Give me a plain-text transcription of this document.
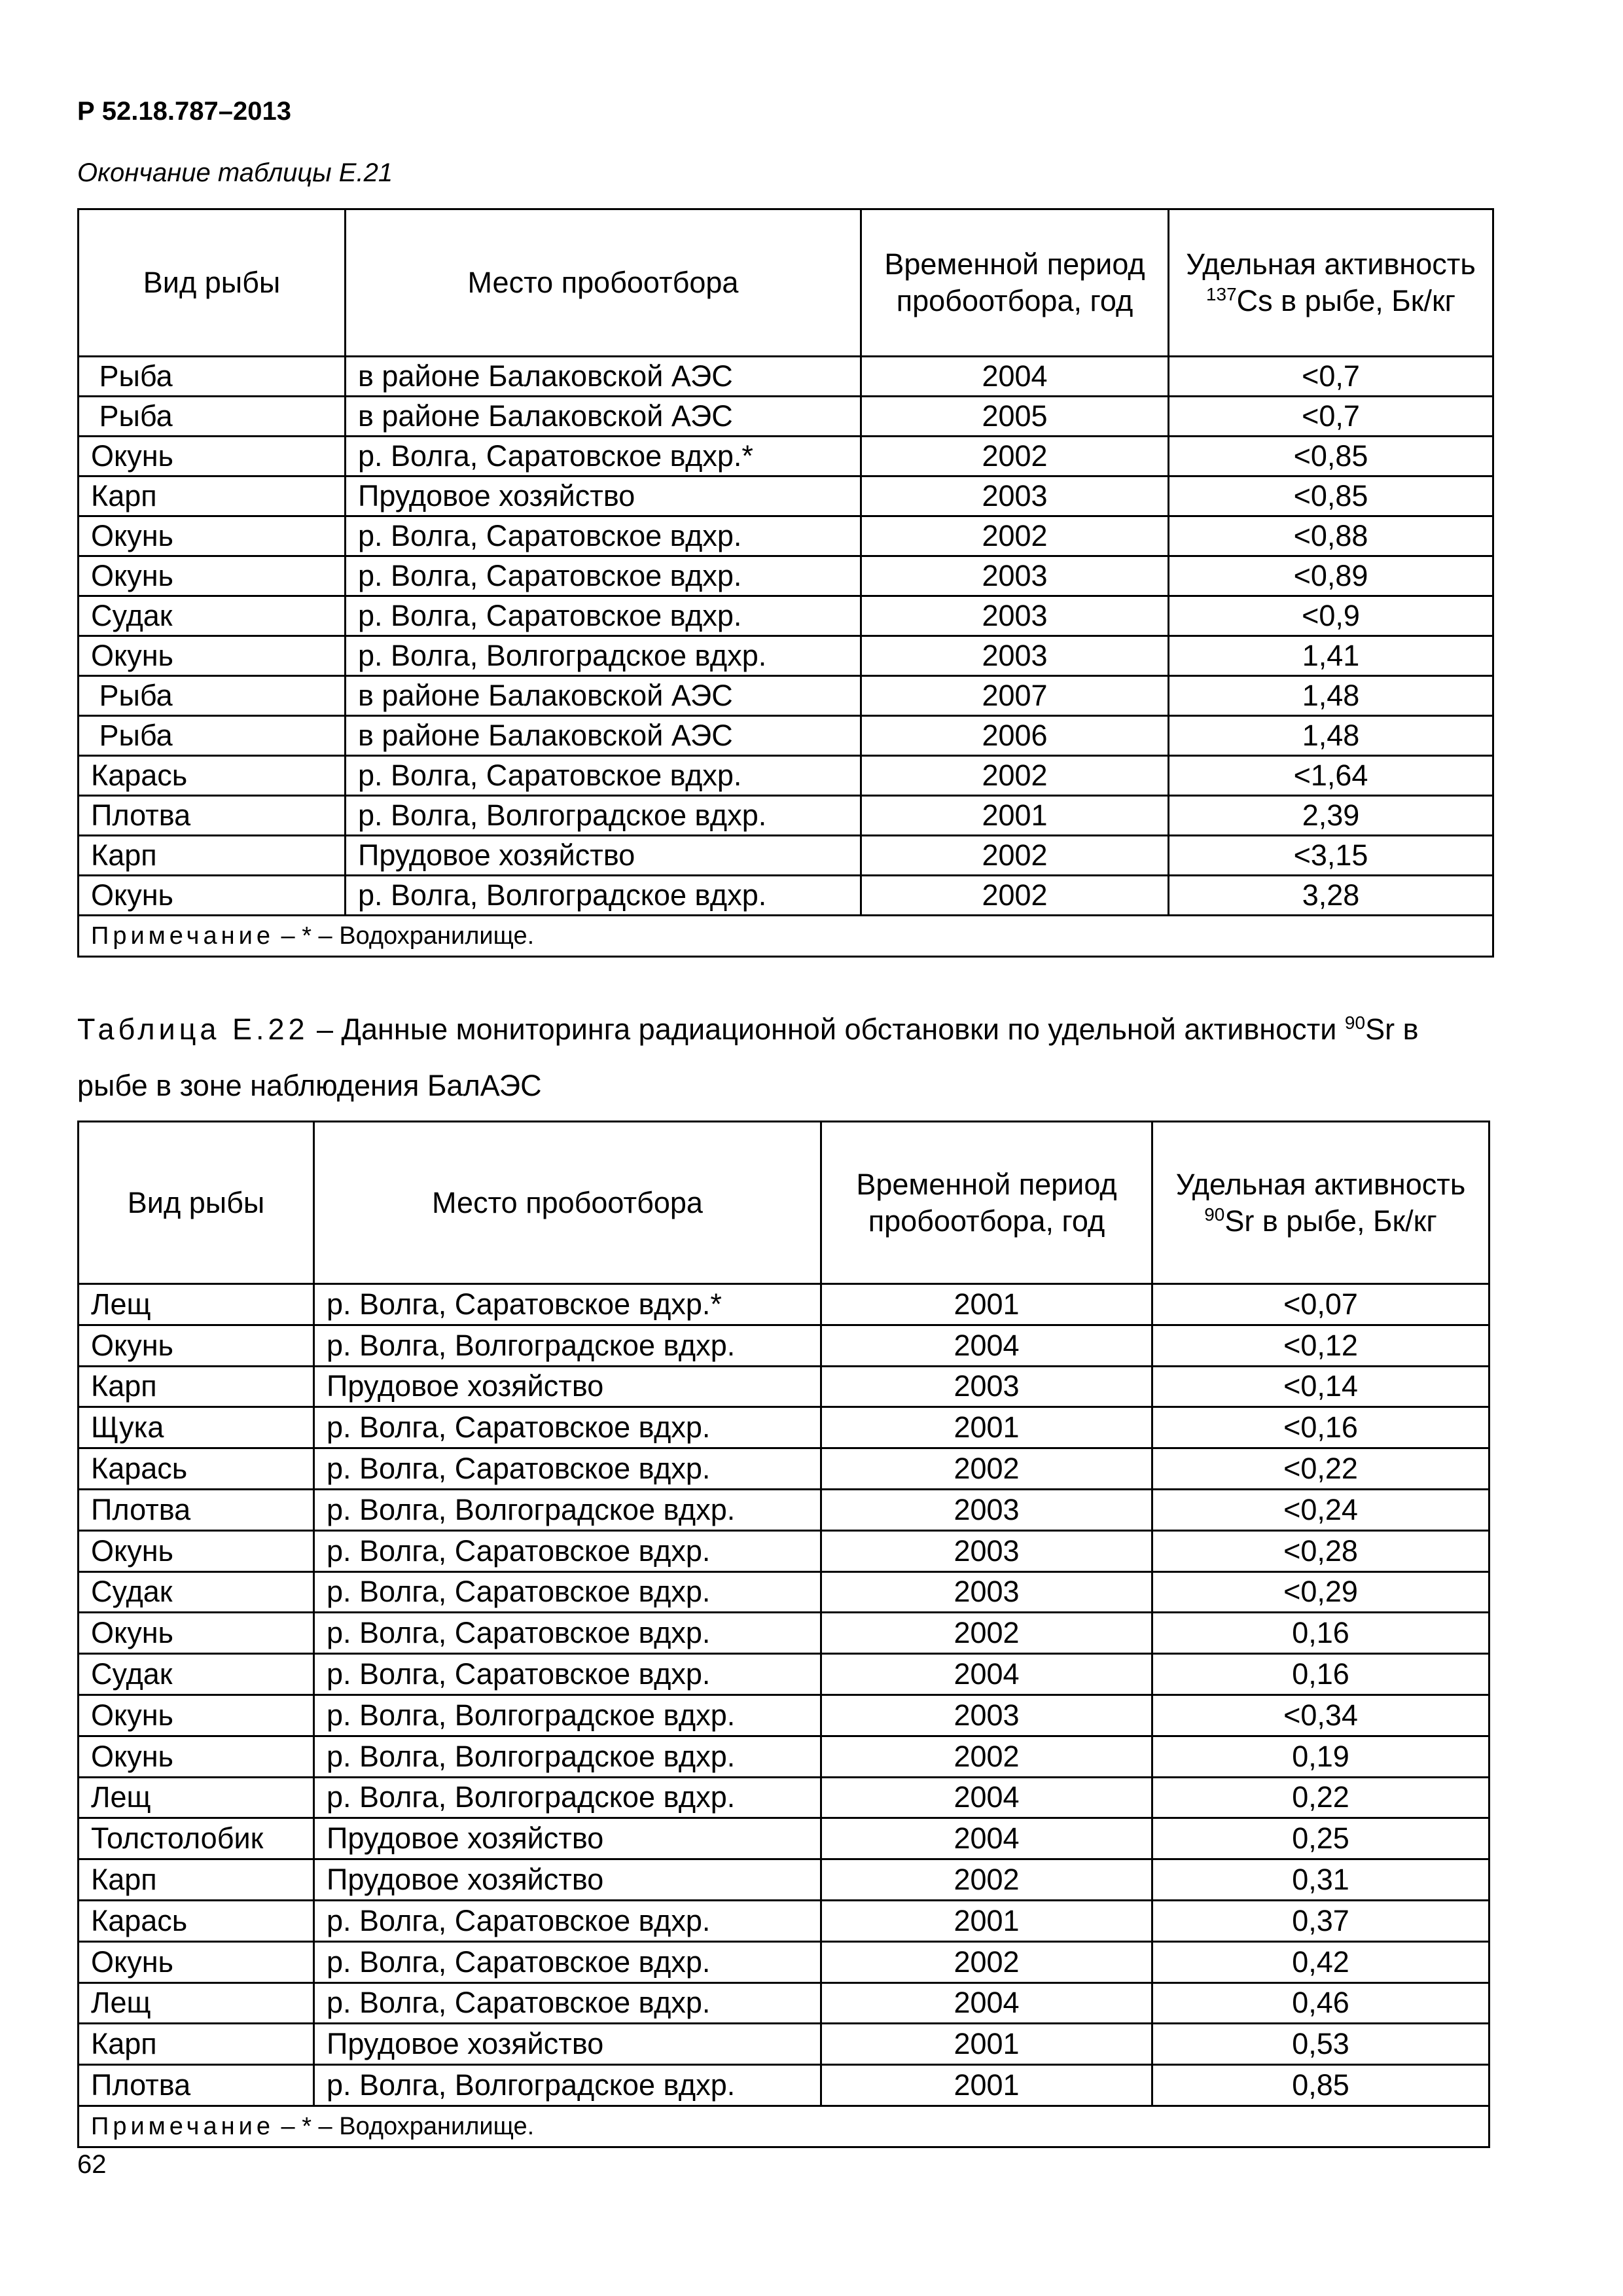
Р 52.18.787–2013
Окончание таблицы Е.21
Вид рыбы	Место пробоотбора	Временной период пробоотбора, год	Удельная активность $^{137}$Cs в рыбе, Бк/кг
Рыба	в районе Балаковской АЭС	2004	<0,7
Рыба	в районе Балаковской АЭС	2005	<0,7
Окунь	р. Волга, Саратовское вдхр.*	2002	<0,85
Карп	Прудовое хозяйство	2003	<0,85
Окунь	р. Волга, Саратовское вдхр.	2002	<0,88
Окунь	р. Волга, Саратовское вдхр.	2003	<0,89
Судак	р. Волга, Саратовское вдхр.	2003	<0,9
Окунь	р. Волга, Волгоградское вдхр.	2003	1,41
Рыба	в районе Балаковской АЭС	2007	1,48
Рыба	в районе Балаковской АЭС	2006	1,48
Карась	р. Волга, Саратовское вдхр.	2002	<1,64
Плотва	р. Волга, Волгоградское вдхр.	2001	2,39
Карп	Прудовое хозяйство	2002	<3,15
Окунь	р. Волга, Волгоградское вдхр.	2002	3,28
Примечание – * – Водохранилище.			
Таблица Е.22 – Данные мониторинга радиационной обстановки по удельной активности $^{90}$Sr в рыбе в зоне наблюдения БалАЭС
Вид рыбы	Место пробоотбора	Временной период пробоотбора, год	Удельная активность $^{90}$Sr в рыбе, Бк/кг
Лещ	р. Волга, Саратовское вдхр.*	2001	<0,07
Окунь	р. Волга, Волгоградское вдхр.	2004	<0,12
Карп	Прудовое хозяйство	2003	<0,14
Щука	р. Волга, Саратовское вдхр.	2001	<0,16
Карась	р. Волга, Саратовское вдхр.	2002	<0,22
Плотва	р. Волга, Волгоградское вдхр.	2003	<0,24
Окунь	р. Волга, Саратовское вдхр.	2003	<0,28
Судак	р. Волга, Саратовское вдхр.	2003	<0,29
Окунь	р. Волга, Саратовское вдхр.	2002	0,16
Судак	р. Волга, Саратовское вдхр.	2004	0,16
Окунь	р. Волга, Волгоградское вдхр.	2003	<0,34
Окунь	р. Волга, Волгоградское вдхр.	2002	0,19
Лещ	р. Волга, Волгоградское вдхр.	2004	0,22
Толстолобик	Прудовое хозяйство	2004	0,25
Карп	Прудовое хозяйство	2002	0,31
Карась	р. Волга, Саратовское вдхр.	2001	0,37
Окунь	р. Волга, Саратовское вдхр.	2002	0,42
Лещ	р. Волга, Саратовское вдхр.	2004	0,46
Карп	Прудовое хозяйство	2001	0,53
Плотва	р. Волга, Волгоградское вдхр.	2001	0,85
Примечание – * – Водохранилище.			
62
